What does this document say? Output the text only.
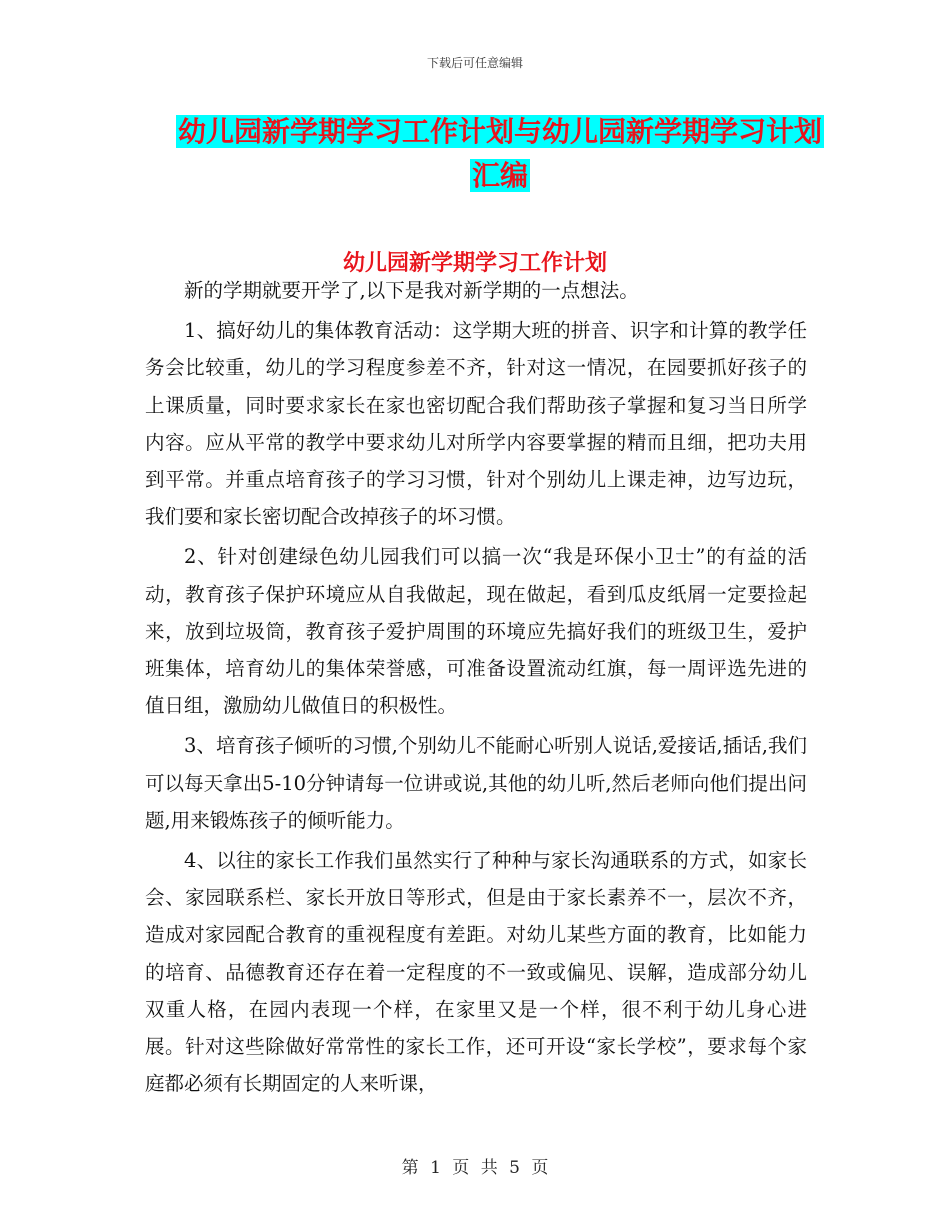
下载后可任意编辑
幼儿园新学期学习工作计划与幼儿园新学期学习计划
汇编
幼儿园新学期学习工作计划

新的学期就要开学了,以下是我对新学期的一点想法。

1、搞好幼儿的集体教育活动：这学期大班的拼音、识字和计算的教学任务会比较重，幼儿的学习程度参差不齐，针对这一情况，在园要抓好孩子的上课质量，同时要求家长在家也密切配合我们帮助孩子掌握和复习当日所学内容。应从平常的教学中要求幼儿对所学内容要掌握的精而且细，把功夫用到平常。并重点培育孩子的学习习惯，针对个别幼儿上课走神，边写边玩，我们要和家长密切配合改掉孩子的坏习惯。

2、针对创建绿色幼儿园我们可以搞一次“我是环保小卫士”的有益的活动，教育孩子保护环境应从自我做起，现在做起，看到瓜皮纸屑一定要捡起来，放到垃圾筒，教育孩子爱护周围的环境应先搞好我们的班级卫生，爱护班集体，培育幼儿的集体荣誉感，可准备设置流动红旗，每一周评选先进的值日组，激励幼儿做值日的积极性。

3、培育孩子倾听的习惯,个别幼儿不能耐心听别人说话,爱接话,插话,我们可以每天拿出5-10分钟请每一位讲或说,其他的幼儿听,然后老师向他们提出问题,用来锻炼孩子的倾听能力。

4、以往的家长工作我们虽然实行了种种与家长沟通联系的方式，如家长会、家园联系栏、家长开放日等形式，但是由于家长素养不一，层次不齐，造成对家园配合教育的重视程度有差距。对幼儿某些方面的教育，比如能力的培育、品德教育还存在着一定程度的不一致或偏见、误解，造成部分幼儿双重人格，在园内表现一个样，在家里又是一个样，很不利于幼儿身心进展。针对这些除做好常常性的家长工作，还可开设“家长学校”，要求每个家庭都必须有长期固定的人来听课，

第 1 页 共 5 页
